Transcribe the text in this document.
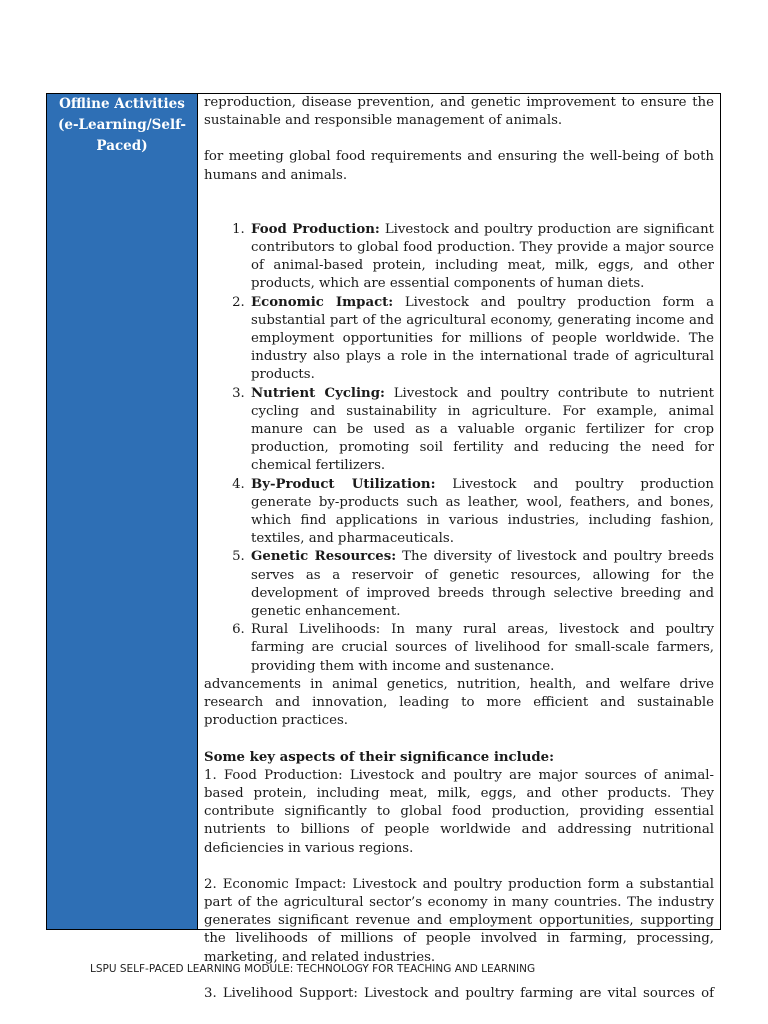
Offline Activities
(e-Learning/Self-
Paced)

reproduction, disease prevention, and genetic improvement to ensure the sustainable and responsible management of animals.

for meeting global food requirements and ensuring the well-being of both humans and animals.

1. Food Production: Livestock and poultry production are significant contributors to global food production. They provide a major source of animal-based protein, including meat, milk, eggs, and other products, which are essential components of human diets.
2. Economic Impact: Livestock and poultry production form a substantial part of the agricultural economy, generating income and employment opportunities for millions of people worldwide. The industry also plays a role in the international trade of agricultural products.
3. Nutrient Cycling: Livestock and poultry contribute to nutrient cycling and sustainability in agriculture. For example, animal manure can be used as a valuable organic fertilizer for crop production, promoting soil fertility and reducing the need for chemical fertilizers.
4. By-Product Utilization: Livestock and poultry production generate by-products such as leather, wool, feathers, and bones, which find applications in various industries, including fashion, textiles, and pharmaceuticals.
5. Genetic Resources: The diversity of livestock and poultry breeds serves as a reservoir of genetic resources, allowing for the development of improved breeds through selective breeding and genetic enhancement.
6. Rural Livelihoods: In many rural areas, livestock and poultry farming are crucial sources of livelihood for small-scale farmers, providing them with income and sustenance.

advancements in animal genetics, nutrition, health, and welfare drive research and innovation, leading to more efficient and sustainable production practices.

Some key aspects of their significance include:

1. Food Production: Livestock and poultry are major sources of animal-based protein, including meat, milk, eggs, and other products. They contribute significantly to global food production, providing essential nutrients to billions of people worldwide and addressing nutritional deficiencies in various regions.

2. Economic Impact: Livestock and poultry production form a substantial part of the agricultural sector’s economy in many countries. The industry generates significant revenue and employment opportunities, supporting the livelihoods of millions of people involved in farming, processing, marketing, and related industries.

3. Livelihood Support: Livestock and poultry farming are vital sources of

LSPU SELF-PACED LEARNING MODULE: TECHNOLOGY FOR TEACHING AND LEARNING
